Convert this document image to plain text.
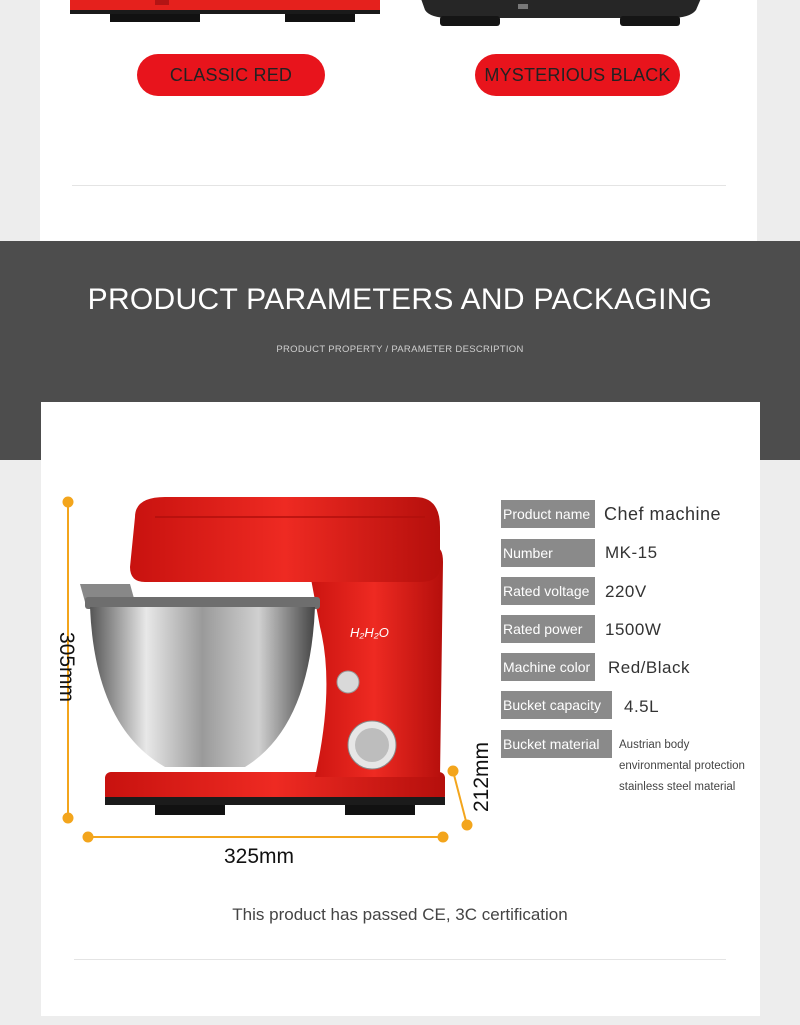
CLASSIC RED	MYSTERIOUS BLACK
PRODUCT PARAMETERS AND PACKAGING
PRODUCT PROPERTY / PARAMETER DESCRIPTION
H₂H₂O
305mm
325mm
212mm
Product name Chef machine
Number	MK-15
Rated voltage 220V
Rated power	1500W
Machine color Red/Black
Bucket capacity	4.5L
Bucket material	Austrian body
environmental protection
stainless steel material
This product has passed CE, 3C certification
